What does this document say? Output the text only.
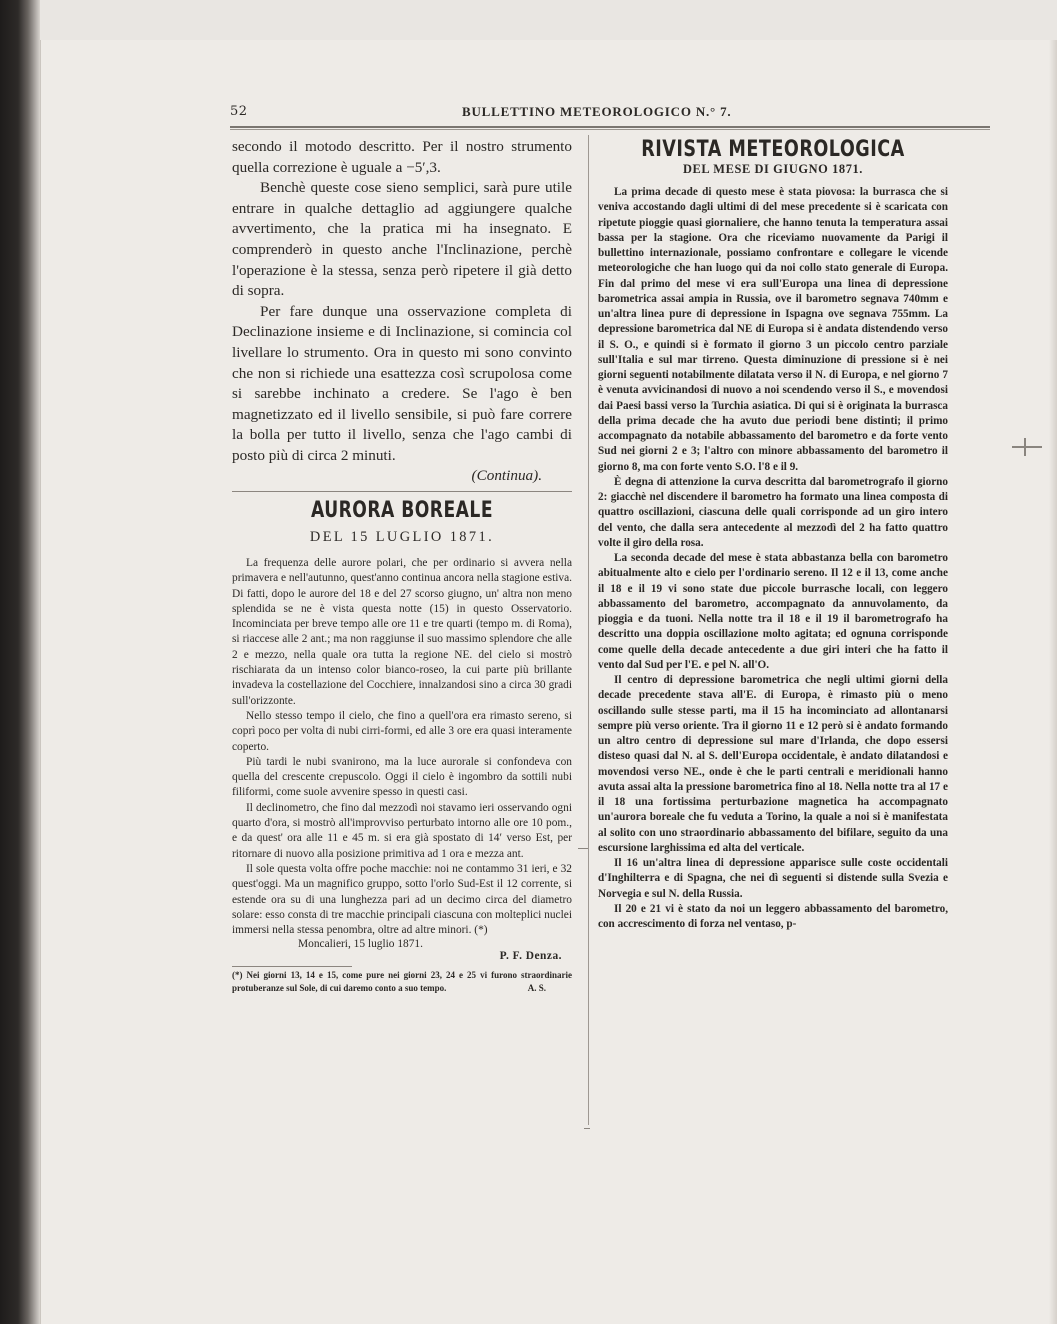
52	BULLETTINO METEOROLOGICO N.° 7.

secondo il motodo descritto. Per il nostro strumento quella correzione è uguale a −5′,3.

Benchè queste cose sieno semplici, sarà pure utile entrare in qualche dettaglio ad aggiungere qualche avvertimento, che la pratica mi ha insegnato. E comprenderò in questo anche l'Inclinazione, perchè l'operazione è la stessa, senza però ripetere il già detto di sopra.

Per fare dunque una osservazione completa di Declinazione insieme e di Inclinazione, si comincia col livellare lo strumento. Ora in questo mi sono convinto che non si richiede una esattezza così scrupolosa come si sarebbe inchinato a credere. Se l'ago è ben magnetizzato ed il livello sensibile, si può fare correre la bolla per tutto il livello, senza che l'ago cambi di posto più di circa 2 minuti.

(Continua).
AURORA BOREALE

DEL 15 LUGLIO 1871.

La frequenza delle aurore polari, che per ordinario si avvera nella primavera e nell'autunno, quest'anno continua ancora nella stagione estiva. Di fatti, dopo le aurore del 18 e del 27 scorso giugno, un' altra non meno splendida se ne è vista questa notte (15) in questo Osservatorio. Incominciata per breve tempo alle ore 11 e tre quarti (tempo m. di Roma), si riaccese alle 2 ant.; ma non raggiunse il suo massimo splendore che alle 2 e mezzo, nella quale ora tutta la regione NE. del cielo si mostrò rischiarata da un intenso color bianco-roseo, la cui parte più brillante invadeva la costellazione del Cocchiere, innalzandosi sino a circa 30 gradi sull'orizzonte.

Nello stesso tempo il cielo, che fino a quell'ora era rimasto sereno, si coprì poco per volta di nubi cirri-formi, ed alle 3 ore era quasi interamente coperto.

Più tardi le nubi svanirono, ma la luce aurorale si confondeva con quella del crescente crepuscolo. Oggi il cielo è ingombro da sottili nubi filiformi, come suole avvenire spesso in questi casi.

Il declinometro, che fino dal mezzodì noi stavamo ieri osservando ogni quarto d'ora, si mostrò all'improvviso perturbato intorno alle ore 10 pom., e da quest' ora alle 11 e 45 m. si era già spostato di 14′ verso Est, per ritornare di nuovo alla posizione primitiva ad 1 ora e mezza ant.

Il sole questa volta offre poche macchie: noi ne contammo 31 ieri, e 32 quest'oggi. Ma un magnifico gruppo, sotto l'orlo Sud-Est il 12 corrente, si estende ora su di una lunghezza pari ad un decimo circa del diametro solare: esso consta di tre macchie principali ciascuna con molteplici nuclei immersi nella stessa penombra, oltre ad altre minori. (*)

Moncalieri, 15 luglio 1871.
P. F. Denza.

(*) Nei giorni 13, 14 e 15, come pure nei giorni 23, 24 e 25 vi furono straordinarie protuberanze sul Sole, di cui daremo conto a suo tempo.	A. S.
RIVISTA METEOROLOGICA

DEL MESE DI GIUGNO 1871.

La prima decade di questo mese è stata piovosa: la burrasca che si veniva accostando dagli ultimi di del mese precedente si è scaricata con ripetute pioggie quasi giornaliere, che hanno tenuta la temperatura assai bassa per la stagione. Ora che riceviamo nuovamente da Parigi il bullettino internazionale, possiamo confrontare e collegare le vicende meteorologiche che han luogo qui da noi collo stato generale di Europa. Fin dal primo del mese vi era sull'Europa una linea di depressione barometrica assai ampia in Russia, ove il barometro segnava 740mm e un'altra linea pure di depressione in Ispagna ove segnava 755mm. La depressione barometrica dal NE di Europa si è andata distendendo verso il S. O., e quindi si è formato il giorno 3 un piccolo centro parziale sull'Italia e sul mar tirreno. Questa diminuzione di pressione si è nei giorni seguenti notabilmente dilatata verso il N. di Europa, e nel giorno 7 è venuta avvicinandosi di nuovo a noi scendendo verso il S., e movendosi dai Paesi bassi verso la Turchia asiatica. Di qui si è originata la burrasca della prima decade che ha avuto due periodi bene distinti; il primo accompagnato da notabile abbassamento del barometro e da forte vento Sud nei giorni 2 e 3; l'altro con minore abbassamento del barometro il giorno 8, ma con forte vento S.O. l'8 e il 9.

È degna di attenzione la curva descritta dal barometrografo il giorno 2: giacchè nel discendere il barometro ha formato una linea composta di quattro oscillazioni, ciascuna delle quali corrisponde ad un giro intero del vento, che dalla sera antecedente al mezzodì del 2 ha fatto quattro volte il giro della rosa.

La seconda decade del mese è stata abbastanza bella con barometro abitualmente alto e cielo per l'ordinario sereno. Il 12 e il 13, come anche il 18 e il 19 vi sono state due piccole burrasche locali, con leggero abbassamento del barometro, accompagnato da annuvolamento, da pioggia e da tuoni. Nella notte tra il 18 e il 19 il barometrografo ha descritto una doppia oscillazione molto agitata; ed ognuna corrisponde come quelle della decade antecedente a due giri interi che ha fatto il vento dal Sud per l'E. e pel N. all'O.

Il centro di depressione barometrica che negli ultimi giorni della decade precedente stava all'E. di Europa, è rimasto più o meno oscillando sulle stesse parti, ma il 15 ha incominciato ad allontanarsi sempre più verso oriente. Tra il giorno 11 e 12 però si è andato formando un altro centro di depressione sul mare d'Irlanda, che dopo essersi disteso quasi dal N. al S. dell'Europa occidentale, è andato dilatandosi e movendosi verso NE., onde è che le parti centrali e meridionali hanno avuta assai alta la pressione barometrica fino al 18. Nella notte tra al 17 e il 18 una fortissima perturbazione magnetica ha accompagnato un'aurora boreale che fu veduta a Torino, la quale a noi si è manifestata al solito con uno straordinario abbassamento del bifilare, seguito da una escursione larghissima ed alta del verticale.

Il 16 un'altra linea di depressione apparisce sulle coste occidentali d'Inghilterra e di Spagna, che nei dì seguenti si distende sulla Svezia e Norvegia e sul N. della Russia.

Il 20 e 21 vi è stato da noi un leggero abbassamento del barometro, con accrescimento di forza nel ventaso, p-
